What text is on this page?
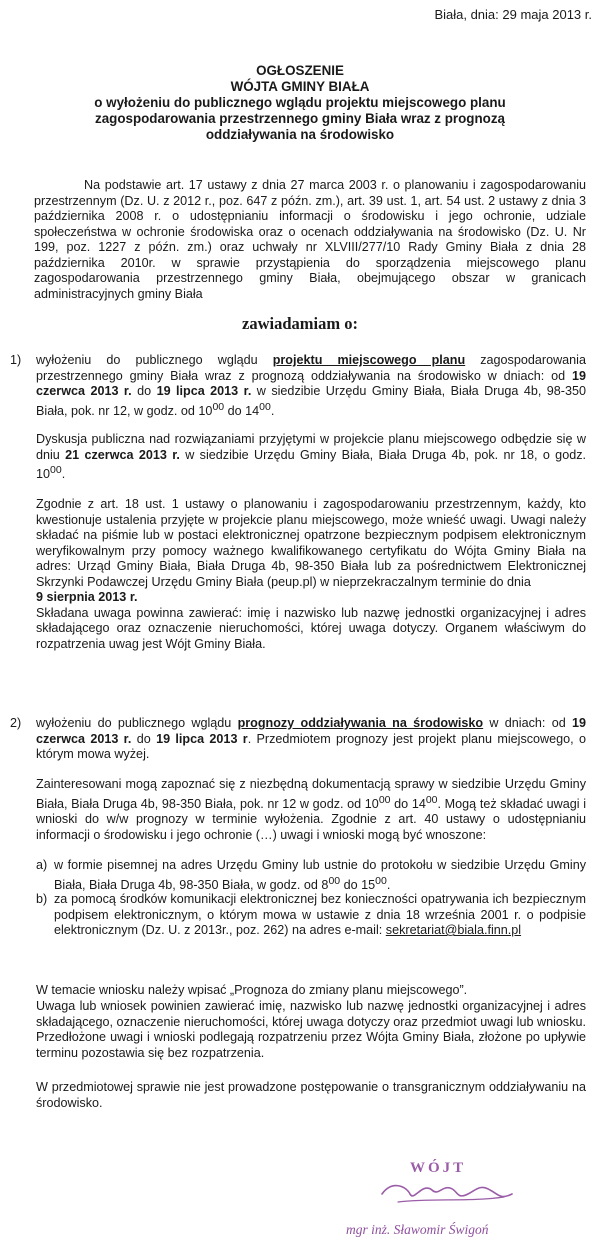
Biała, dnia: 29 maja 2013 r.
OGŁOSZENIE
WÓJTA GMINY BIAŁA
o wyłożeniu do publicznego wglądu projektu miejscowego planu
zagospodarowania przestrzennego gminy Biała wraz z prognozą
oddziaływania na środowisko

Na podstawie art. 17 ustawy z dnia 27 marca 2003 r. o planowaniu i zagospodarowaniu przestrzennym (Dz. U. z 2012 r., poz. 647 z późn. zm.), art. 39 ust. 1, art. 54 ust. 2 ustawy z dnia 3 października 2008 r. o udostępnianiu informacji o środowisku i jego ochronie, udziale społeczeństwa w ochronie środowiska oraz o ocenach oddziaływania na środowisko (Dz. U. Nr 199, poz. 1227 z późn. zm.) oraz uchwały nr XLVIII/277/10 Rady Gminy Biała z dnia 28 października 2010r. w sprawie przystąpienia do sporządzenia miejscowego planu zagospodarowania przestrzennego gminy Biała, obejmującego obszar w granicach administracyjnych gminy Biała

zawiadamiam o:
1) wyłożeniu do publicznego wglądu projektu miejscowego planu zagospodarowania przestrzennego gminy Biała wraz z prognozą oddziaływania na środowisko w dniach: od 19 czerwca 2013 r. do 19 lipca 2013 r. w siedzibie Urzędu Gminy Biała, Biała Druga 4b, 98-350 Biała, pok. nr 12, w godz. od $10^{00}$ do $14^{00}$.

Dyskusja publiczna nad rozwiązaniami przyjętymi w projekcie planu miejscowego odbędzie się w dniu 21 czerwca 2013 r. w siedzibie Urzędu Gminy Biała, Biała Druga 4b, pok. nr 18, o godz. $10^{00}$.

Zgodnie z art. 18 ust. 1 ustawy o planowaniu i zagospodarowaniu przestrzennym, każdy, kto kwestionuje ustalenia przyjęte w projekcie planu miejscowego, może wnieść uwagi. Uwagi należy składać na piśmie lub w postaci elektronicznej opatrzone bezpiecznym podpisem elektronicznym weryfikowalnym przy pomocy ważnego kwalifikowanego certyfikatu do Wójta Gminy Biała na adres: Urząd Gminy Biała, Biała Druga 4b, 98-350 Biała lub za pośrednictwem Elektronicznej Skrzynki Podawczej Urzędu Gminy Biała (peup.pl) w nieprzekraczalnym terminie do dnia
9 sierpnia 2013 r.
Składana uwaga powinna zawierać: imię i nazwisko lub nazwę jednostki organizacyjnej i adres składającego oraz oznaczenie nieruchomości, której uwaga dotyczy. Organem właściwym do rozpatrzenia uwag jest Wójt Gminy Biała.

2) wyłożeniu do publicznego wglądu prognozy oddziaływania na środowisko w dniach: od 19 czerwca 2013 r. do 19 lipca 2013 r. Przedmiotem prognozy jest projekt planu miejscowego, o którym mowa wyżej.

Zainteresowani mogą zapoznać się z niezbędną dokumentacją sprawy w siedzibie Urzędu Gminy Biała, Biała Druga 4b, 98-350 Biała, pok. nr 12 w godz. od $10^{00}$ do $14^{00}$. Mogą też składać uwagi i wnioski do w/w prognozy w terminie wyłożenia. Zgodnie z art. 40 ustawy o udostępnianiu informacji o środowisku i jego ochronie (…) uwagi i wnioski mogą być wnoszone:

a) w formie pisemnej na adres Urzędu Gminy lub ustnie do protokołu w siedzibie Urzędu Gminy Biała, Biała Druga 4b, 98-350 Biała, w godz. od $8^{00}$ do $15^{00}$.

b) za pomocą środków komunikacji elektronicznej bez konieczności opatrywania ich bezpiecznym podpisem elektronicznym, o którym mowa w ustawie z dnia 18 września 2001 r. o podpisie elektronicznym (Dz. U. z 2013r., poz. 262) na adres e-mail: sekretariat@biala.finn.pl

W temacie wniosku należy wpisać „Prognoza do zmiany planu miejscowego”.

Uwaga lub wniosek powinien zawierać imię, nazwisko lub nazwę jednostki organizacyjnej i adres składającego, oznaczenie nieruchomości, której uwaga dotyczy oraz przedmiot uwagi lub wniosku. Przedłożone uwagi i wnioski podlegają rozpatrzeniu przez Wójta Gminy Biała, złożone po upływie terminu pozostawia się bez rozpatrzenia.

W przedmiotowej sprawie nie jest prowadzone postępowanie o transgranicznym oddziaływaniu na środowisko.

WÓJT
mgr inż. Sławomir Świgoń
